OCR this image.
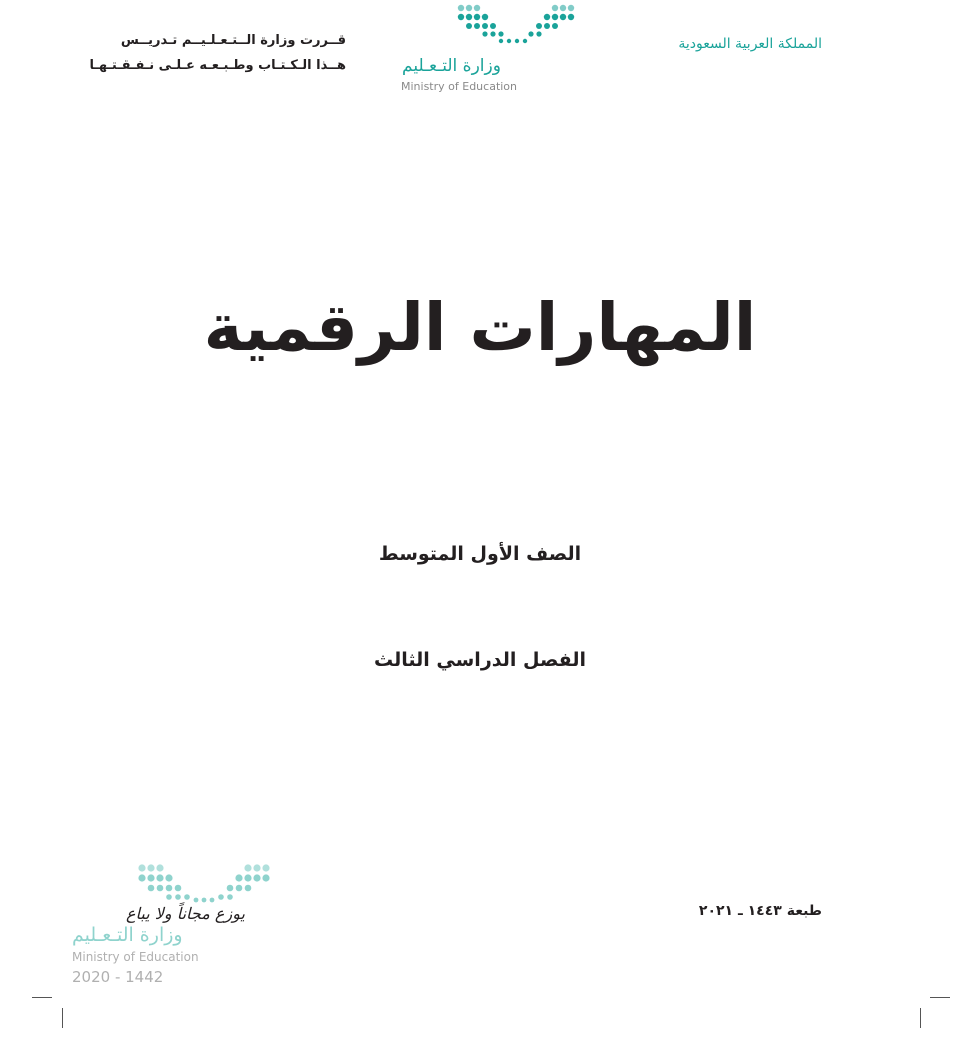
قــررت وزارة الــتـعـلـيــم تـدريــس
هــذا الـكـتـاب وطـبـعـه عـلـى نـفـقـتـهـا	وزارة التـعـليم
Ministry of Education
المملكة العربية السعودية
المهارات الرقمية
الصف الأول المتوسط
الفصل الدراسي الثالث
طبعة ١٤٤٣ ـ ٢٠٢١
يوزع مجاناً ولا يباع
وزارة التـعـليم
Ministry of Education
2020 - 1442
